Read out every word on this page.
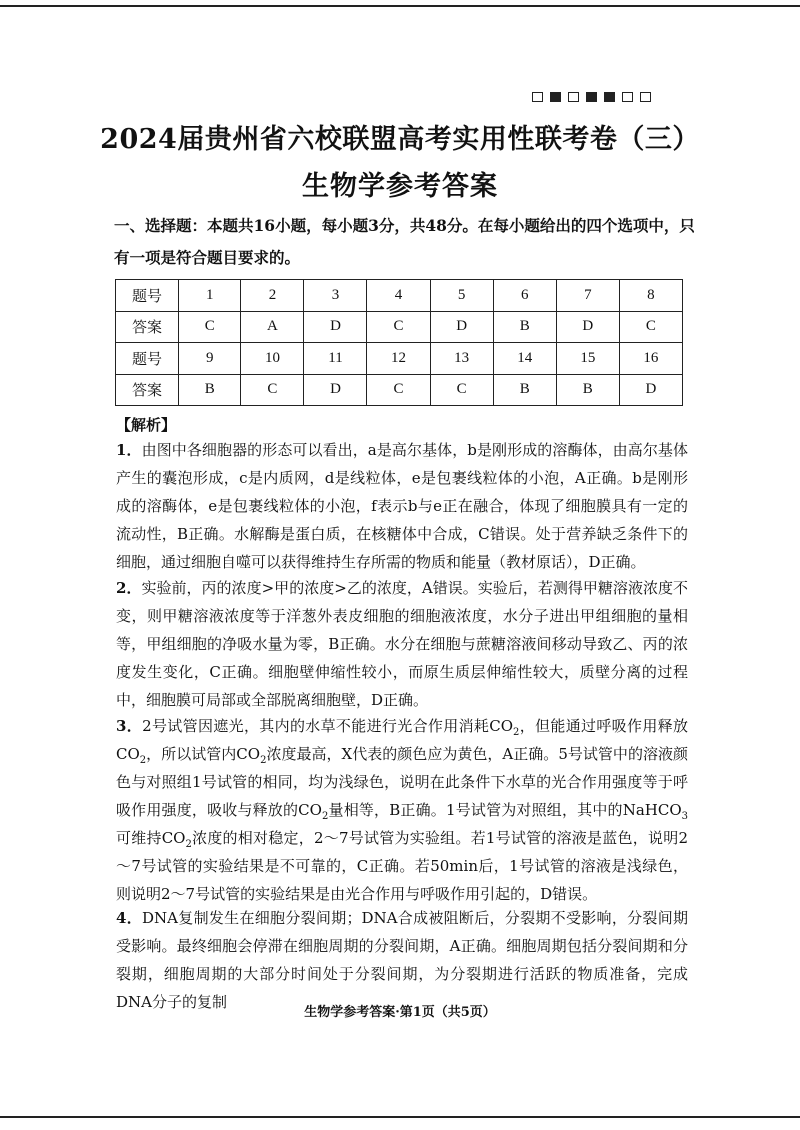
2024届贵州省六校联盟高考实用性联考卷（三）
生物学参考答案
一、选择题：本题共16小题，每小题3分，共48分。在每小题给出的四个选项中，只有一项是符合题目要求的。
题号	1	2	3	4	5	6	7	8
答案	C	A	D	C	D	B	D	C
题号	9	10	11	12	13	14	15	16
答案	B	C	D	C	C	B	B	D
【解析】
1．由图中各细胞器的形态可以看出，a是高尔基体，b是刚形成的溶酶体，由高尔基体产生的囊泡形成，c是内质网，d是线粒体，e是包裹线粒体的小泡，A正确。b是刚形成的溶酶体，e是包裹线粒体的小泡，f表示b与e正在融合，体现了细胞膜具有一定的流动性，B正确。水解酶是蛋白质，在核糖体中合成，C错误。处于营养缺乏条件下的细胞，通过细胞自噬可以获得维持生存所需的物质和能量（教材原话），D正确。
2．实验前，丙的浓度>甲的浓度>乙的浓度，A错误。实验后，若测得甲糖溶液浓度不变，则甲糖溶液浓度等于洋葱外表皮细胞的细胞液浓度，水分子进出甲组细胞的量相等，甲组细胞的净吸水量为零，B正确。水分在细胞与蔗糖溶液间移动导致乙、丙的浓度发生变化，C正确。细胞壁伸缩性较小，而原生质层伸缩性较大，质壁分离的过程中，细胞膜可局部或全部脱离细胞壁，D正确。
3．2号试管因遮光，其内的水草不能进行光合作用消耗$CO_2$，但能通过呼吸作用释放$CO_2$，所以试管内$CO_2$浓度最高，X代表的颜色应为黄色，A正确。5号试管中的溶液颜色与对照组1号试管的相同，均为浅绿色，说明在此条件下水草的光合作用强度等于呼吸作用强度，吸收与释放的$CO_2$量相等，B正确。1号试管为对照组，其中的NaHCO$_3$可维持$CO_2$浓度的相对稳定，2～7号试管为实验组。若1号试管的溶液是蓝色，说明2～7号试管的实验结果是不可靠的，C正确。若50min后，1号试管的溶液是浅绿色，则说明2～7号试管的实验结果是由光合作用与呼吸作用引起的，D错误。
4．DNA复制发生在细胞分裂间期；DNA合成被阻断后，分裂期不受影响，分裂间期受影响。最终细胞会停滞在细胞周期的分裂间期，A正确。细胞周期包括分裂间期和分裂期，细胞周期的大部分时间处于分裂间期，为分裂期进行活跃的物质准备，完成DNA分子的复制
生物学参考答案·第1页（共5页）
